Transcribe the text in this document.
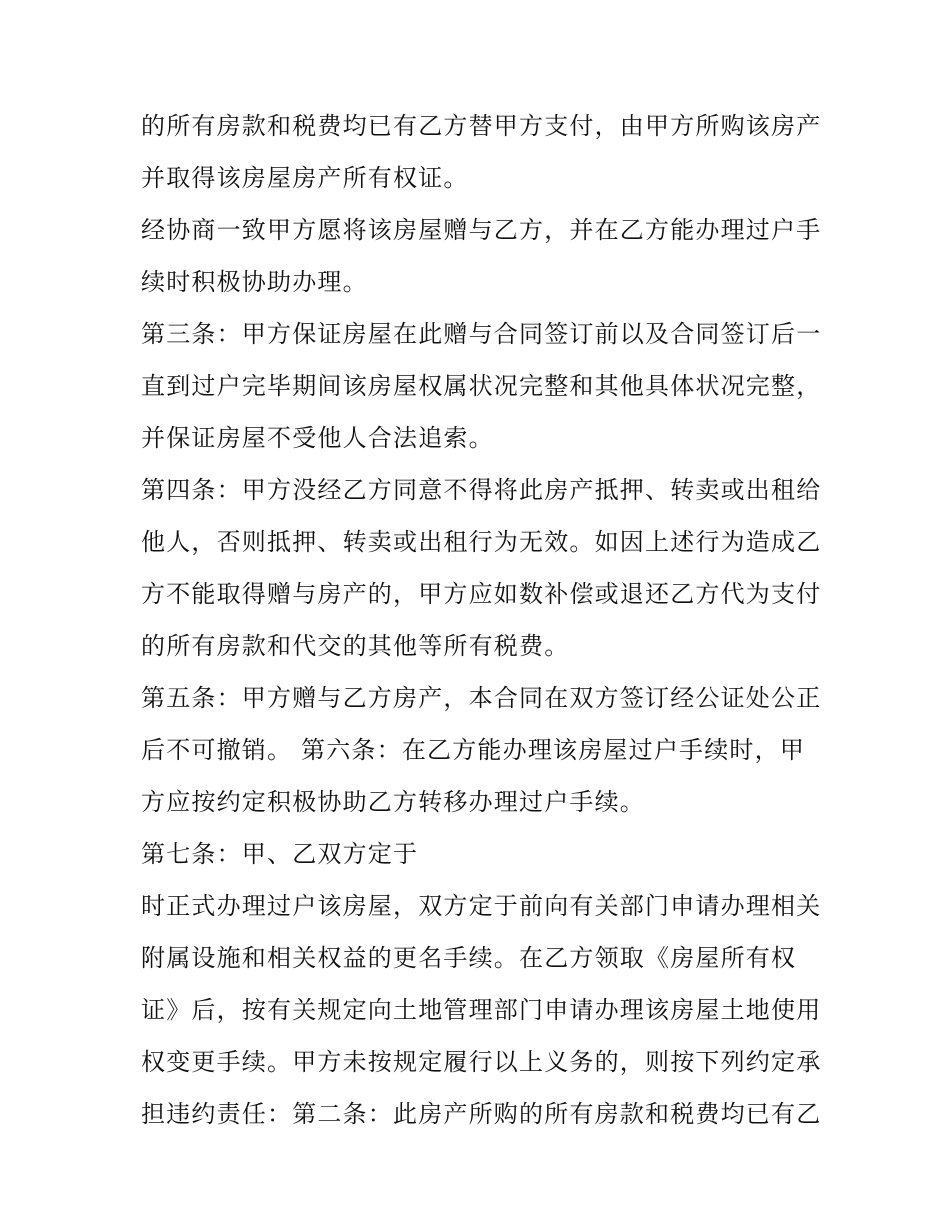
的所有房款和税费均已有乙方替甲方支付，由甲方所购该房产
并取得该房屋房产所有权证。
经协商一致甲方愿将该房屋赠与乙方，并在乙方能办理过户手
续时积极协助办理。
第三条：甲方保证房屋在此赠与合同签订前以及合同签订后一
直到过户完毕期间该房屋权属状况完整和其他具体状况完整，
并保证房屋不受他人合法追索。
第四条：甲方没经乙方同意不得将此房产抵押、转卖或出租给
他人，否则抵押、转卖或出租行为无效。如因上述行为造成乙
方不能取得赠与房产的，甲方应如数补偿或退还乙方代为支付
的所有房款和代交的其他等所有税费。
第五条：甲方赠与乙方房产，本合同在双方签订经公证处公正
后不可撤销。 第六条：在乙方能办理该房屋过户手续时，甲
方应按约定积极协助乙方转移办理过户手续。
第七条：甲、乙双方定于
时正式办理过户该房屋，双方定于前向有关部门申请办理相关
附属设施和相关权益的更名手续。在乙方领取《房屋所有权
证》后，按有关规定向土地管理部门申请办理该房屋土地使用
权变更手续。甲方未按规定履行以上义务的，则按下列约定承
担违约责任：第二条：此房产所购的所有房款和税费均已有乙
